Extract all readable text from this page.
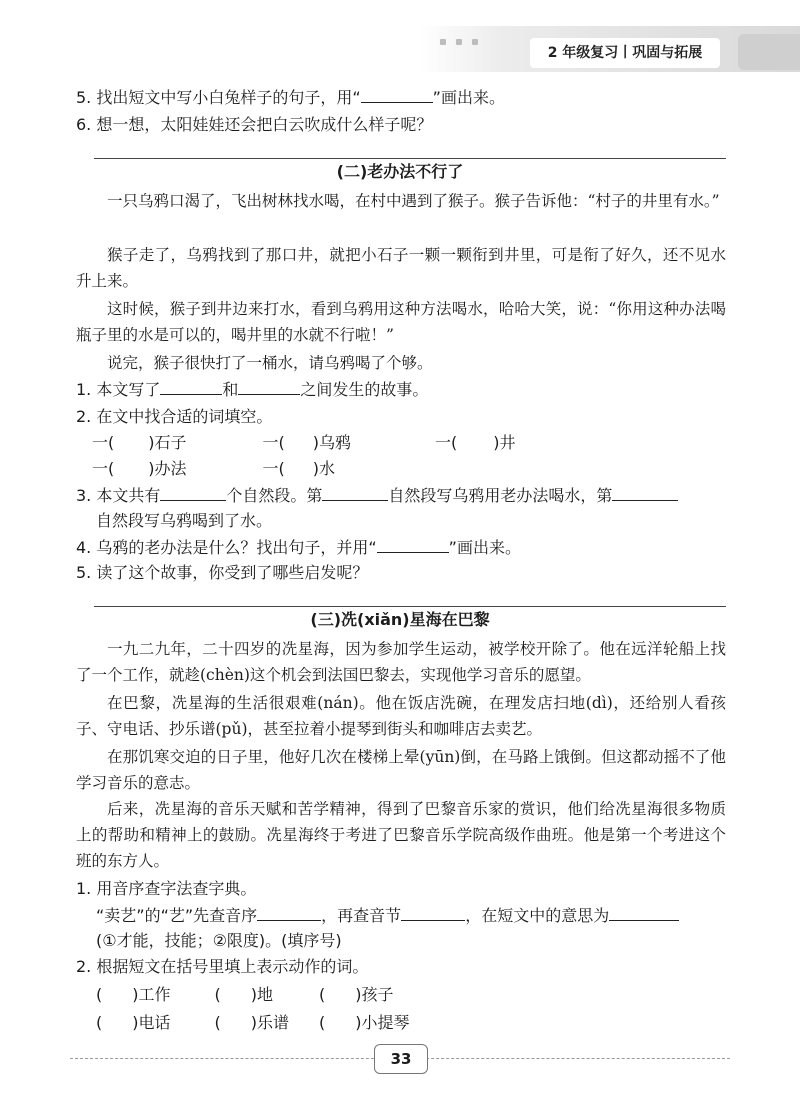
2 年级复习丨巩固与拓展
5. 找出短文中写小白兔样子的句子，用“	”画出来。
6. 想一想，太阳娃娃还会把白云吹成什么样子呢？
(二)老办法不行了
一只乌鸦口渴了，飞出树林找水喝，在村中遇到了猴子。猴子告诉他：“村子的井里有水。”
猴子走了，乌鸦找到了那口井，就把小石子一颗一颗衔到井里，可是衔了好久，还不见水升上来。
这时候，猴子到井边来打水，看到乌鸦用这种方法喝水，哈哈大笑，说：“你用这种办法喝瓶子里的水是可以的，喝井里的水就不行啦！”
说完，猴子很快打了一桶水，请乌鸦喝了个够。
1. 本文写了	和	之间发生的故事。
2. 在文中找合适的词填空。
一( )石子	一( )乌鸦	一( )井
一( )办法	一( )水
3. 本文共有	个自然段。第	自然段写乌鸦用老办法喝水，第
自然段写乌鸦喝到了水。
4. 乌鸦的老办法是什么？找出句子，并用“	”画出来。
5. 读了这个故事，你受到了哪些启发呢？
(三)冼(xiǎn)星海在巴黎
一九二九年，二十四岁的冼星海，因为参加学生运动，被学校开除了。他在远洋轮船上找了一个工作，就趁(chèn)这个机会到法国巴黎去，实现他学习音乐的愿望。
在巴黎，冼星海的生活很艰难(nán)。他在饭店洗碗，在理发店扫地(dì)，还给别人看孩子、守电话、抄乐谱(pǔ)，甚至拉着小提琴到街头和咖啡店去卖艺。
在那饥寒交迫的日子里，他好几次在楼梯上晕(yūn)倒，在马路上饿倒。但这都动摇不了他学习音乐的意志。
后来，冼星海的音乐天赋和苦学精神，得到了巴黎音乐家的赏识，他们给冼星海很多物质上的帮助和精神上的鼓励。冼星海终于考进了巴黎音乐学院高级作曲班。他是第一个考进这个班的东方人。
1. 用音序查字法查字典。
“卖艺”的“艺”先查音序	，再查音节	，在短文中的意思为
(①才能，技能；②限度)。(填序号)
2. 根据短文在括号里填上表示动作的词。
( )工作	( )地	( )孩子
( )电话	( )乐谱 ( )小提琴
33
